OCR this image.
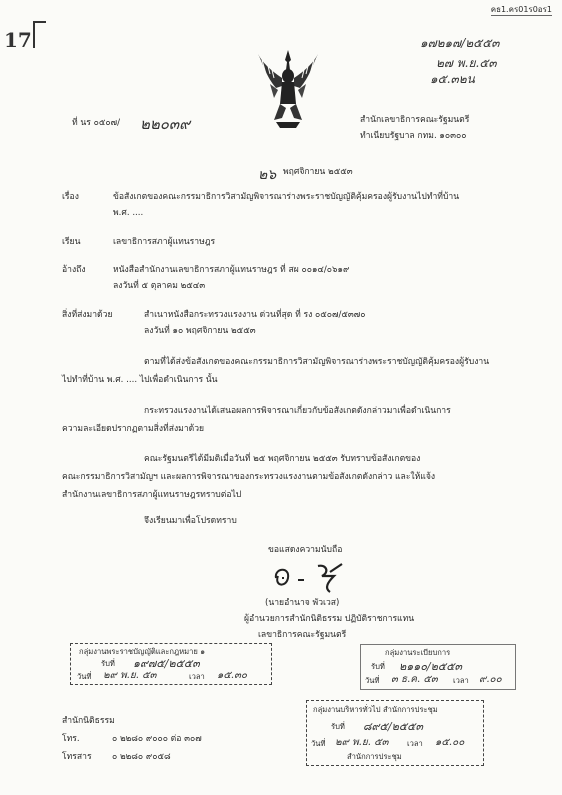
คธ1.คร01ร0อร1
17	๑๗๒๑๗/๒๕๕๓
๒๗ พ.ย.๕๓
๑๕.๓๒น
ที่ นร ๐๕๐๗/ ๒๒๐๓๙	สำนักเลขาธิการคณะรัฐมนตรี
ทำเนียบรัฐบาล กทม. ๑๐๓๐๐
๒๖ พฤศจิกายน ๒๕๕๓
เรื่อง	ข้อสังเกตของคณะกรรมาธิการวิสามัญพิจารณาร่างพระราชบัญญัติคุ้มครองผู้รับงานไปทำที่บ้าน
พ.ศ. ....
เรียน	เลขาธิการสภาผู้แทนราษฎร
อ้างถึง	หนังสือสำนักงานเลขาธิการสภาผู้แทนราษฎร ที่ สผ ๐๐๑๔/๐๖๑๙
ลงวันที่ ๕ ตุลาคม ๒๕๔๓
สิ่งที่ส่งมาด้วย	สำเนาหนังสือกระทรวงแรงงาน ด่วนที่สุด ที่ รง ๐๕๐๗/๕๓๗๐
ลงวันที่ ๑๐ พฤศจิกายน ๒๕๕๓
ตามที่ได้ส่งข้อสังเกตของคณะกรรมาธิการวิสามัญพิจารณาร่างพระราชบัญญัติคุ้มครองผู้รับงาน
ไปทำที่บ้าน พ.ศ. .... ไปเพื่อดำเนินการ นั้น
กระทรวงแรงงานได้เสนอผลการพิจารณาเกี่ยวกับข้อสังเกตดังกล่าวมาเพื่อดำเนินการ
ความละเอียดปรากฏตามสิ่งที่ส่งมาด้วย
คณะรัฐมนตรีได้มีมติเมื่อวันที่ ๒๕ พฤศจิกายน ๒๕๕๓ รับทราบข้อสังเกตของ
คณะกรรมาธิการวิสามัญฯ และผลการพิจารณาของกระทรวงแรงงานตามข้อสังเกตดังกล่าว และให้แจ้ง
สำนักงานเลขาธิการสภาผู้แทนราษฎรทราบต่อไป
จึงเรียนมาเพื่อโปรดทราบ
ขอแสดงความนับถือ
(นายอำนาจ พัวเวส)
ผู้อำนวยการสำนักนิติธรรม ปฏิบัติราชการแทน
เลขาธิการคณะรัฐมนตรี
กลุ่มงานพระราชบัญญัติและกฎหมาย ๑
รับที่ ๑๙๗๕/๒๕๕๓
วันที่ ๒๙ พ.ย. ๕๓	เวลา ๑๕.๓๐
กลุ่มงานระเบียบการ
รับที่ ๒๑๑๐/๒๕๕๓
วันที่ ๓ ธ.ค. ๕๓ เวลา ๙.๐๐
สำนักนิติธรรม
โทร.	๐ ๒๒๘๐ ๙๐๐๐ ต่อ ๓๐๗
โทรสาร ๐ ๒๒๘๐ ๙๐๕๘
กลุ่มงานบริหารทั่วไป สำนักการประชุม
รับที่ ๘๙๕/๒๕๕๓
วันที่ ๒๙ พ.ย. ๕๓ เวลา ๑๕.๐๐
สำนักการประชุม
